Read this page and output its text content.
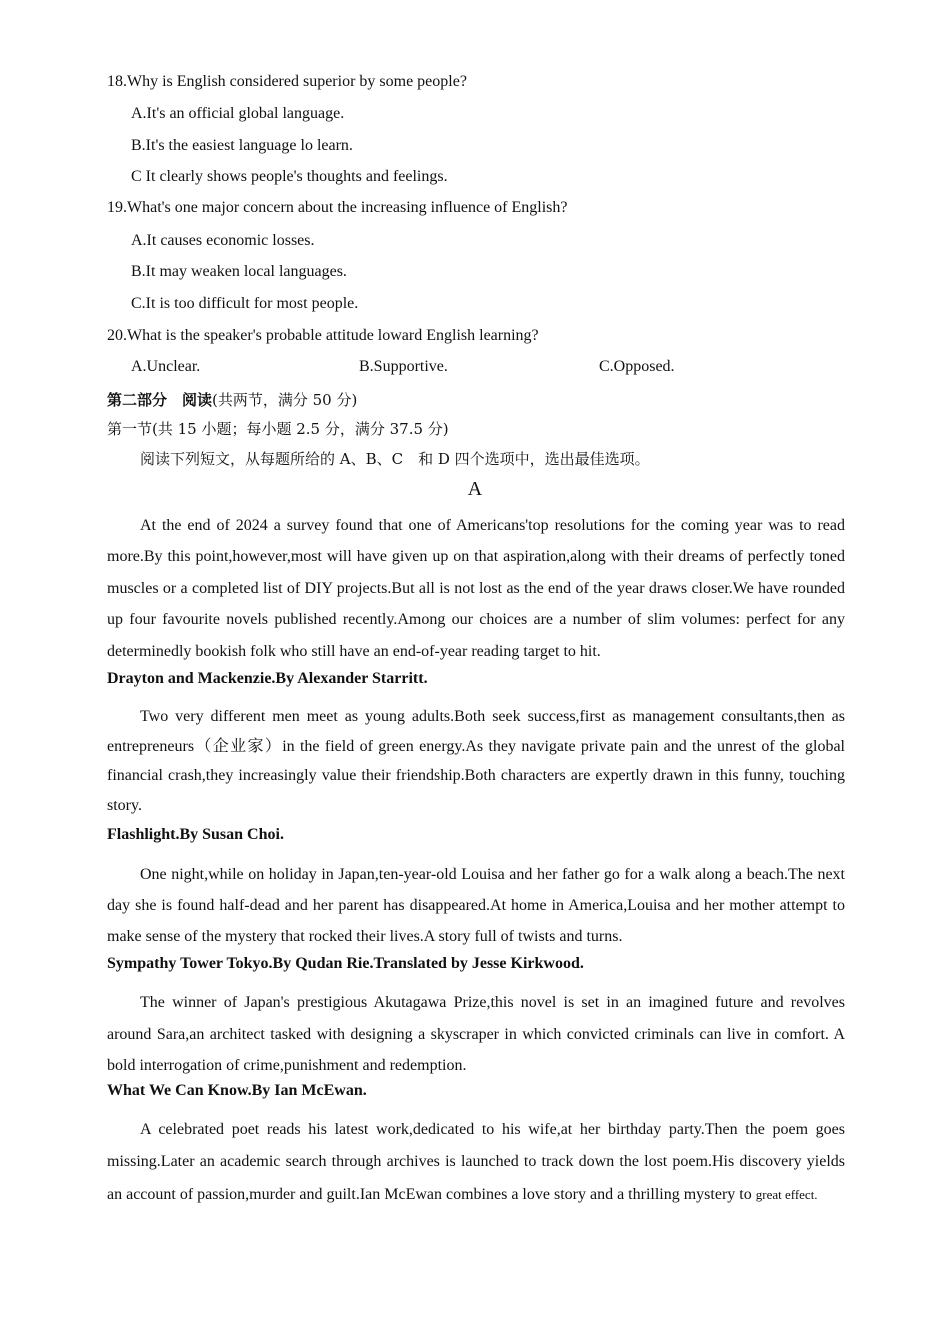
18.Why is English considered superior by some people?
A.It's an official global language.
B.It's the easiest language lo learn.
C It clearly shows people's thoughts and feelings.
19.What's one major concern about the increasing influence of English?
A.It causes economic losses.
B.It may weaken local languages.
C.It is too difficult for most people.
20.What is the speaker's probable attitude loward English learning?
A.Unclear.	B.Supportive.	C.Opposed.
第二部分　阅读(共两节，满分 50 分)
第一节(共 15 小题；每小题 2.5 分，满分 37.5 分)
阅读下列短文，从每题所给的 A、B、C　和 D 四个选项中，选出最佳选项。
A

At the end of 2024 a survey found that one of Americans'top resolutions for the coming year was to read more.By this point,however,most will have given up on that aspiration,along with their dreams of perfectly toned muscles or a completed list of DIY projects.But all is not lost as the end of the year draws closer.We have rounded up four favourite novels published recently.Among our choices are a number of slim volumes: perfect for any determinedly bookish folk who still have an end-of-year reading target to hit.

Drayton and Mackenzie.By Alexander Starritt.

Two very different men meet as young adults.Both seek success,first as management consultants,then as entrepreneurs（企业家）in the field of green energy.As they navigate private pain and the unrest of the global financial crash,they increasingly value their friendship.Both characters are expertly drawn in this funny, touching story.

Flashlight.By Susan Choi.

One night,while on holiday in Japan,ten-year-old Louisa and her father go for a walk along a beach.The next day she is found half-dead and her parent has disappeared.At home in America,Louisa and her mother attempt to make sense of the mystery that rocked their lives.A story full of twists and turns.

Sympathy Tower Tokyo.By Qudan Rie.Translated by Jesse Kirkwood.

The winner of Japan's prestigious Akutagawa Prize,this novel is set in an imagined future and revolves around Sara,an architect tasked with designing a skyscraper in which convicted criminals can live in comfort. A bold interrogation of crime,punishment and redemption.

What We Can Know.By Ian McEwan.

A celebrated poet reads his latest work,dedicated to his wife,at her birthday party.Then the poem goes missing.Later an academic search through archives is launched to track down the lost poem.His discovery yields an account of passion,murder and guilt.Ian McEwan combines a love story and a thrilling mystery to great effect.
